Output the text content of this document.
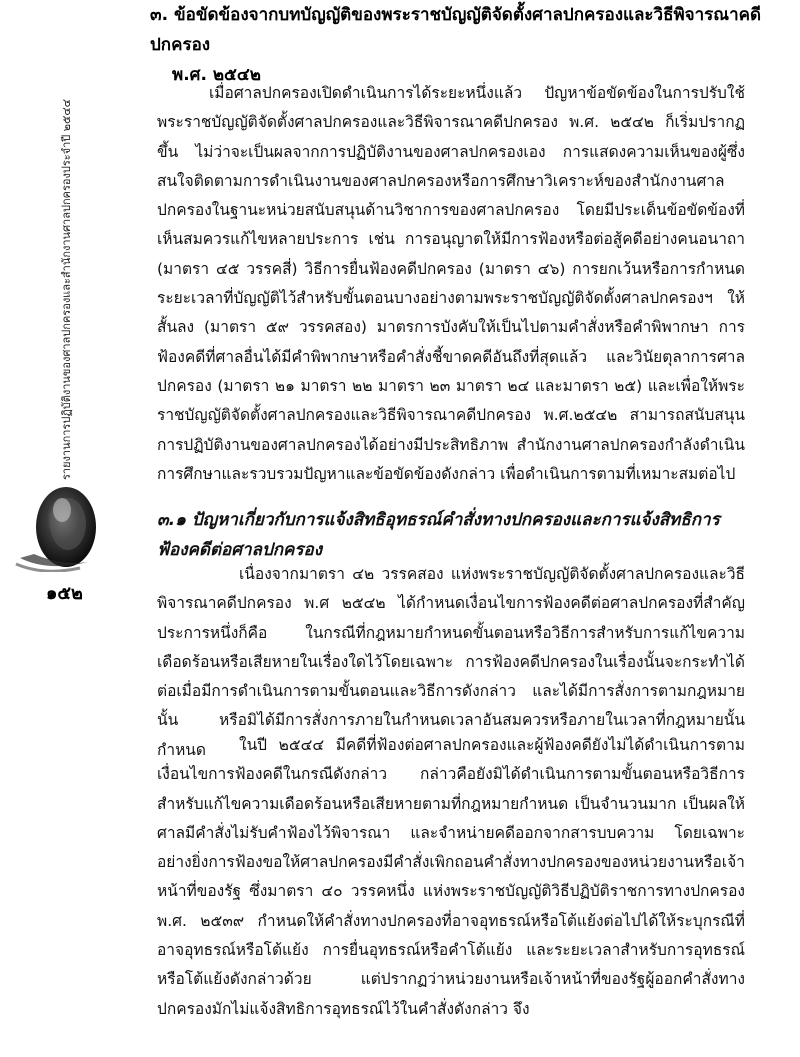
๓. ข้อขัดข้องจากบทบัญญัติของพระราชบัญญัติจัดตั้งศาลปกครองและวิธีพิจารณาคดีปกครอง
พ.ศ. ๒๕๔๒

เมื่อศาลปกครองเปิดดำเนินการได้ระยะหนึ่งแล้ว ปัญหาข้อขัดข้องในการปรับใช้พระราชบัญญัติจัดตั้งศาลปกครองและวิธีพิจารณาคดีปกครอง พ.ศ. ๒๕๔๒ ก็เริ่มปรากฏขึ้น ไม่ว่าจะเป็นผลจากการปฏิบัติงานของศาลปกครองเอง การแสดงความเห็นของผู้ซึ่งสนใจติดตามการดำเนินงานของศาลปกครองหรือการศึกษาวิเคราะห์ของสำนักงานศาลปกครองในฐานะหน่วยสนับสนุนด้านวิชาการของศาลปกครอง โดยมีประเด็นข้อขัดข้องที่เห็นสมควรแก้ไขหลายประการ เช่น การอนุญาตให้มีการฟ้องหรือต่อสู้คดีอย่างคนอนาถา (มาตรา ๔๕ วรรคสี่) วิธีการยื่นฟ้องคดีปกครอง (มาตรา ๔๖) การยกเว้นหรือการกำหนดระยะเวลาที่บัญญัติไว้สำหรับขั้นตอนบางอย่างตามพระราชบัญญัติจัดตั้งศาลปกครองฯ ให้สั้นลง (มาตรา ๕๙ วรรคสอง) มาตรการบังคับให้เป็นไปตามคำสั่งหรือคำพิพากษา การฟ้องคดีที่ศาลอื่นได้มีคำพิพากษาหรือคำสั่งชี้ขาดคดีอันถึงที่สุดแล้ว และวินัยตุลาการศาลปกครอง (มาตรา ๒๑ มาตรา ๒๒ มาตรา ๒๓ มาตรา ๒๔ และมาตรา ๒๕) และเพื่อให้พระราชบัญญัติจัดตั้งศาลปกครองและวิธีพิจารณาคดีปกครอง พ.ศ.๒๕๔๒ สามารถสนับสนุนการปฏิบัติงานของศาลปกครองได้อย่างมีประสิทธิภาพ สำนักงานศาลปกครองกำลังดำเนินการศึกษาและรวบรวมปัญหาและข้อขัดข้องดังกล่าว เพื่อดำเนินการตามที่เหมาะสมต่อไป

๓.๑ ปัญหาเกี่ยวกับการแจ้งสิทธิอุทธรณ์คำสั่งทางปกครองและการแจ้งสิทธิการ
ฟ้องคดีต่อศาลปกครอง

เนื่องจากมาตรา ๔๒ วรรคสอง แห่งพระราชบัญญัติจัดตั้งศาลปกครองและวิธีพิจารณาคดีปกครอง พ.ศ ๒๕๔๒ ได้กำหนดเงื่อนไขการฟ้องคดีต่อศาลปกครองที่สำคัญประการหนึ่งก็คือ ในกรณีที่กฎหมายกำหนดขั้นตอนหรือวิธีการสำหรับการแก้ไขความเดือดร้อนหรือเสียหายในเรื่องใดไว้โดยเฉพาะ การฟ้องคดีปกครองในเรื่องนั้นจะกระทำได้ต่อเมื่อมีการดำเนินการตามขั้นตอนและวิธีการดังกล่าว และได้มีการสั่งการตามกฎหมายนั้น หรือมิได้มีการสั่งการภายในกำหนดเวลาอันสมควรหรือภายในเวลาที่กฎหมายนั้นกำหนด	ในปี ๒๕๔๔ มีคดีที่ฟ้องต่อศาลปกครองและผู้ฟ้องคดียังไม่ได้ดำเนินการตามเงื่อนไขการฟ้องคดีในกรณีดังกล่าว กล่าวคือยังมิได้ดำเนินการตามขั้นตอนหรือวิธีการสำหรับแก้ไขความเดือดร้อนหรือเสียหายตามที่กฎหมายกำหนด เป็นจำนวนมาก เป็นผลให้ศาลมีคำสั่งไม่รับคำฟ้องไว้พิจารณา และจำหน่ายคดีออกจากสารบบความ โดยเฉพาะอย่างยิ่งการฟ้องขอให้ศาลปกครองมีคำสั่งเพิกถอนคำสั่งทางปกครองของหน่วยงานหรือเจ้าหน้าที่ของรัฐ ซึ่งมาตรา ๔๐ วรรคหนึ่ง แห่งพระราชบัญญัติวิธีปฏิบัติราชการทางปกครอง พ.ศ. ๒๕๓๙ กำหนดให้คำสั่งทางปกครองที่อาจอุทธรณ์หรือโต้แย้งต่อไปได้ให้ระบุกรณีที่อาจอุทธรณ์หรือโต้แย้ง การยื่นอุทธรณ์หรือคำโต้แย้ง และระยะเวลาสำหรับการอุทธรณ์หรือโต้แย้งดังกล่าวด้วย แต่ปรากฏว่าหน่วยงานหรือเจ้าหน้าที่ของรัฐผู้ออกคำสั่งทางปกครองมักไม่แจ้งสิทธิการอุทธรณ์ไว้ในคำสั่งดังกล่าว จึง

รายงานการปฏิบัติงานของศาลปกครองและสำนักงานศาลปกครองประจำปี ๒๕๔๔
๑๕๒
